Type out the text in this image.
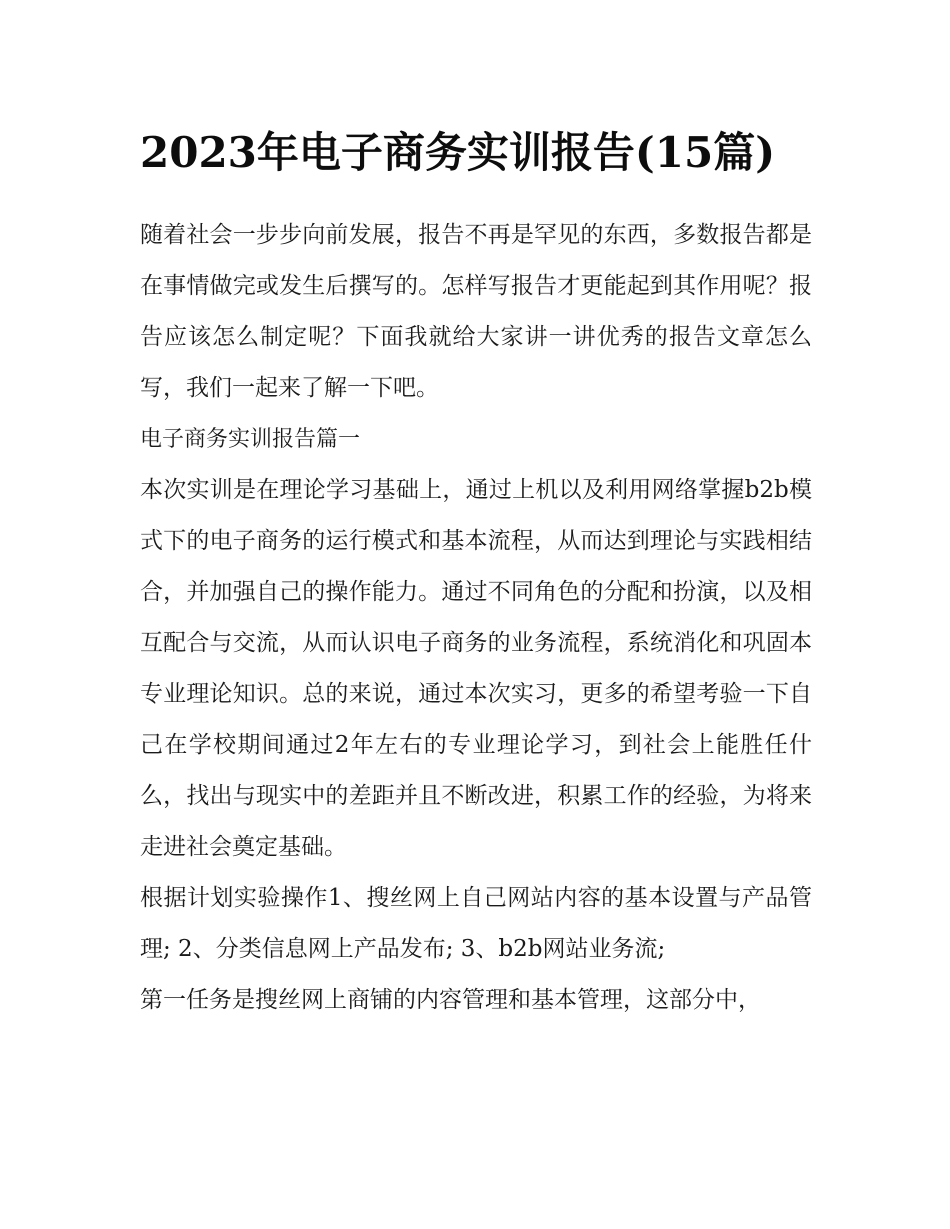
2023年电子商务实训报告(15篇)

随着社会一步步向前发展，报告不再是罕见的东西，多数报告都是在事情做完或发生后撰写的。怎样写报告才更能起到其作用呢？报告应该怎么制定呢？下面我就给大家讲一讲优秀的报告文章怎么写，我们一起来了解一下吧。

电子商务实训报告篇一

本次实训是在理论学习基础上，通过上机以及利用网络掌握b2b模式下的电子商务的运行模式和基本流程，从而达到理论与实践相结合，并加强自己的操作能力。通过不同角色的分配和扮演，以及相互配合与交流，从而认识电子商务的业务流程，系统消化和巩固本专业理论知识。总的来说，通过本次实习，更多的希望考验一下自己在学校期间通过2年左右的专业理论学习，到社会上能胜任什么，找出与现实中的差距并且不断改进，积累工作的经验，为将来走进社会奠定基础。

根据计划实验操作1、搜丝网上自己网站内容的基本设置与产品管理; 2、分类信息网上产品发布; 3、b2b网站业务流;

第一任务是搜丝网上商铺的内容管理和基本管理，这部分中，
